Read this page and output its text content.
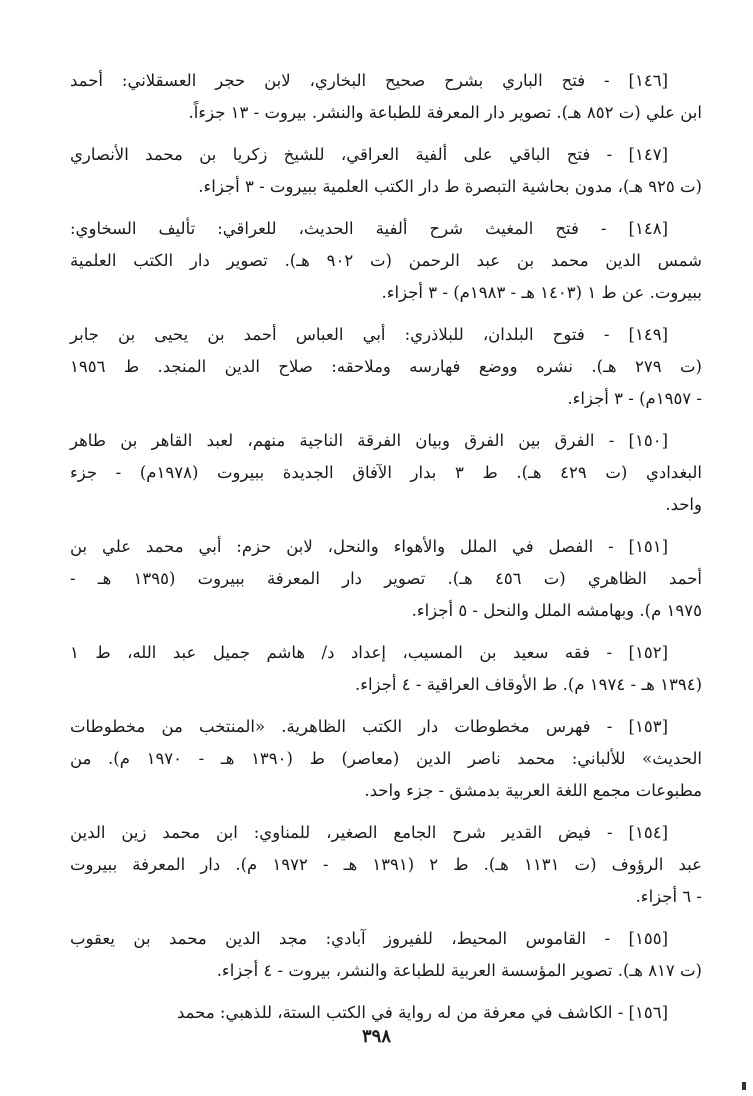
[١٤٦] - فتح الباري بشرح صحيح البخاري، لابن حجر العسقلاني: أحمد
ابن علي (ت ٨٥٢ هـ). تصوير دار المعرفة للطباعة والنشر. بيروت - ١٣ جزءاً.
[١٤٧] - فتح الباقي على ألفية العراقي، للشيخ زكريا بن محمد الأنصاري
(ت ٩٢٥ هـ)، مدون بحاشية التبصرة ط دار الكتب العلمية ببيروت - ٣ أجزاء.
[١٤٨] - فتح المغيث شرح ألفية الحديث، للعراقي: تأليف السخاوي:
شمس الدين محمد بن عبد الرحمن (ت ٩٠٢ هـ). تصوير دار الكتب العلمية
ببيروت. عن ط ١ (١٤٠٣ هـ - ١٩٨٣م) - ٣ أجزاء.
[١٤٩] - فتوح البلدان، للبلاذري: أبي العباس أحمد بن يحيى بن جابر
(ت ٢٧٩ هـ). نشره ووضع فهارسه وملاحقه: صلاح الدين المنجد. ط ١٩٥٦
- ١٩٥٧م) - ٣ أجزاء.
[١٥٠] - الفرق بين الفرق وبيان الفرقة الناجية منهم، لعبد القاهر بن طاهر
البغدادي (ت ٤٢٩ هـ). ط ٣ بدار الآفاق الجديدة ببيروت (١٩٧٨م) - جزء
واحد.
[١٥١] - الفصل في الملل والأهواء والنحل، لابن حزم: أبي محمد علي بن
أحمد الظاهري (ت ٤٥٦ هـ). تصوير دار المعرفة ببيروت (١٣٩٥ هـ -
١٩٧٥ م). وبهامشه الملل والنحل - ٥ أجزاء.
[١٥٢] - فقه سعيد بن المسيب، إعداد د/ هاشم جميل عبد الله، ط ١
(١٣٩٤ هـ - ١٩٧٤ م). ط الأوقاف العراقية - ٤ أجزاء.
[١٥٣] - فهرس مخطوطات دار الكتب الظاهرية. «المنتخب من مخطوطات
الحديث» للألباني: محمد ناصر الدين (معاصر) ط (١٣٩٠ هـ - ١٩٧٠ م). من
مطبوعات مجمع اللغة العربية بدمشق - جزء واحد.
[١٥٤] - فيض القدير شرح الجامع الصغير، للمناوي: ابن محمد زين الدين
عبد الرؤوف (ت ١١٣١ هـ). ط ٢ (١٣٩١ هـ - ١٩٧٢ م). دار المعرفة ببيروت
- ٦ أجزاء.
[١٥٥] - القاموس المحيط، للفيروز آبادي: مجد الدين محمد بن يعقوب
(ت ٨١٧ هـ). تصوير المؤسسة العربية للطباعة والنشر، بيروت - ٤ أجزاء.
[١٥٦] - الكاشف في معرفة من له رواية في الكتب الستة، للذهبي: محمد
٣٩٨
